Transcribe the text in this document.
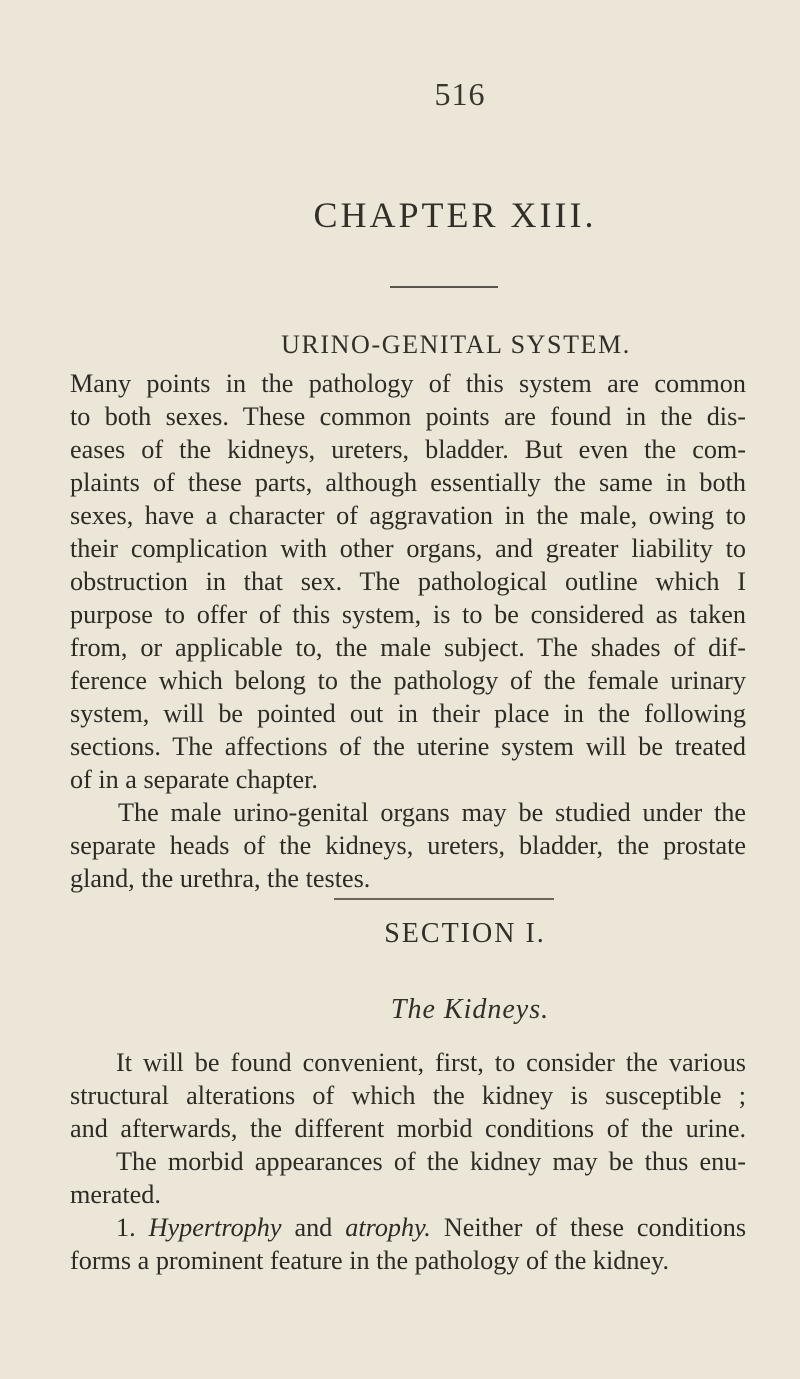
516
CHAPTER XIII.
URINO-GENITAL SYSTEM.
Many points in the pathology of this system are common
to both sexes. These common points are found in the dis-
eases of the kidneys, ureters, bladder. But even the com-
plaints of these parts, although essentially the same in both
sexes, have a character of aggravation in the male, owing to
their complication with other organs, and greater liability to
obstruction in that sex. The pathological outline which I
purpose to offer of this system, is to be considered as taken
from, or applicable to, the male subject. The shades of dif-
ference which belong to the pathology of the female urinary
system, will be pointed out in their place in the following
sections. The affections of the uterine system will be treated
of in a separate chapter.
The male urino-genital organs may be studied under the
separate heads of the kidneys, ureters, bladder, the prostate
gland, the urethra, the testes.
SECTION I.
The Kidneys.
It will be found convenient, first, to consider the various
structural alterations of which the kidney is susceptible ;
and afterwards, the different morbid conditions of the urine.
The morbid appearances of the kidney may be thus enu-
merated.
1. Hypertrophy and atrophy. Neither of these conditions
forms a prominent feature in the pathology of the kidney.
